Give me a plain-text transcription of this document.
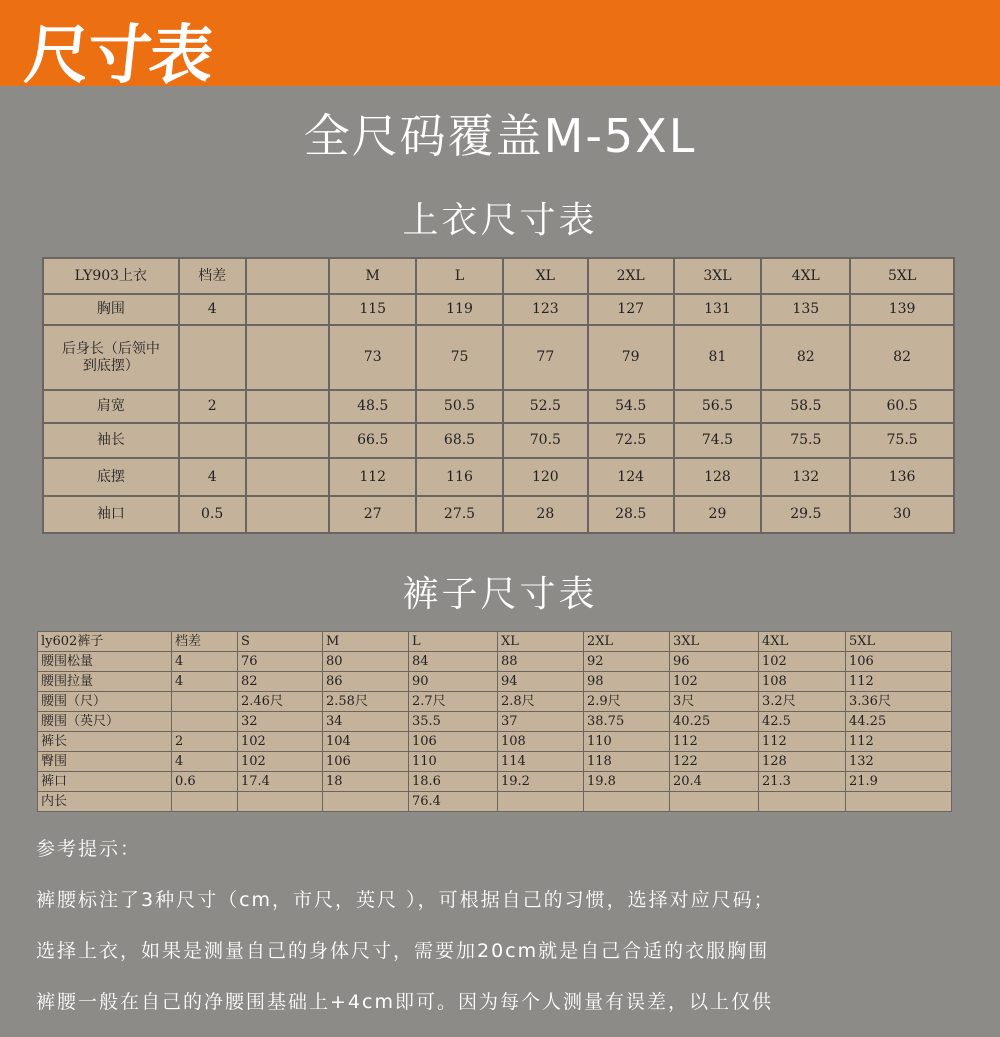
尺寸表
全尺码覆盖M-5XL
上衣尺寸表
LY903上衣	档差		M	L	XL	2XL	3XL	4XL	5XL
胸围	4		115	119	123	127	131	135	139
后身长（后领中到底摆）			73	75	77	79	81	82	82
肩宽	2		48.5	50.5	52.5	54.5	56.5	58.5	60.5
袖长			66.5	68.5	70.5	72.5	74.5	75.5	75.5
底摆	4		112	116	120	124	128	132	136
袖口	0.5		27	27.5	28	28.5	29	29.5	30
裤子尺寸表
ly602裤子	档差	S	M	L	XL	2XL	3XL	4XL	5XL
腰围松量	4	76	80	84	88	92	96	102	106
腰围拉量	4	82	86	90	94	98	102	108	112
腰围（尺）		2.46尺	2.58尺	2.7尺	2.8尺	2.9尺	3尺	3.2尺	3.36尺
腰围（英尺）		32	34	35.5	37	38.75	40.25	42.5	44.25
裤长	2	102	104	106	108	110	112	112	112
臀围	4	102	106	110	114	118	122	128	132
裤口	0.6	17.4	18	18.6	19.2	19.8	20.4	21.3	21.9
内长				76.4					
参考提示：
裤腰标注了3种尺寸（cm，市尺，英尺 ），可根据自己的习惯，选择对应尺码；
选择上衣，如果是测量自己的身体尺寸，需要加20cm就是自己合适的衣服胸围
裤腰一般在自己的净腰围基础上+4cm即可。因为每个人测量有误差，以上仅供
